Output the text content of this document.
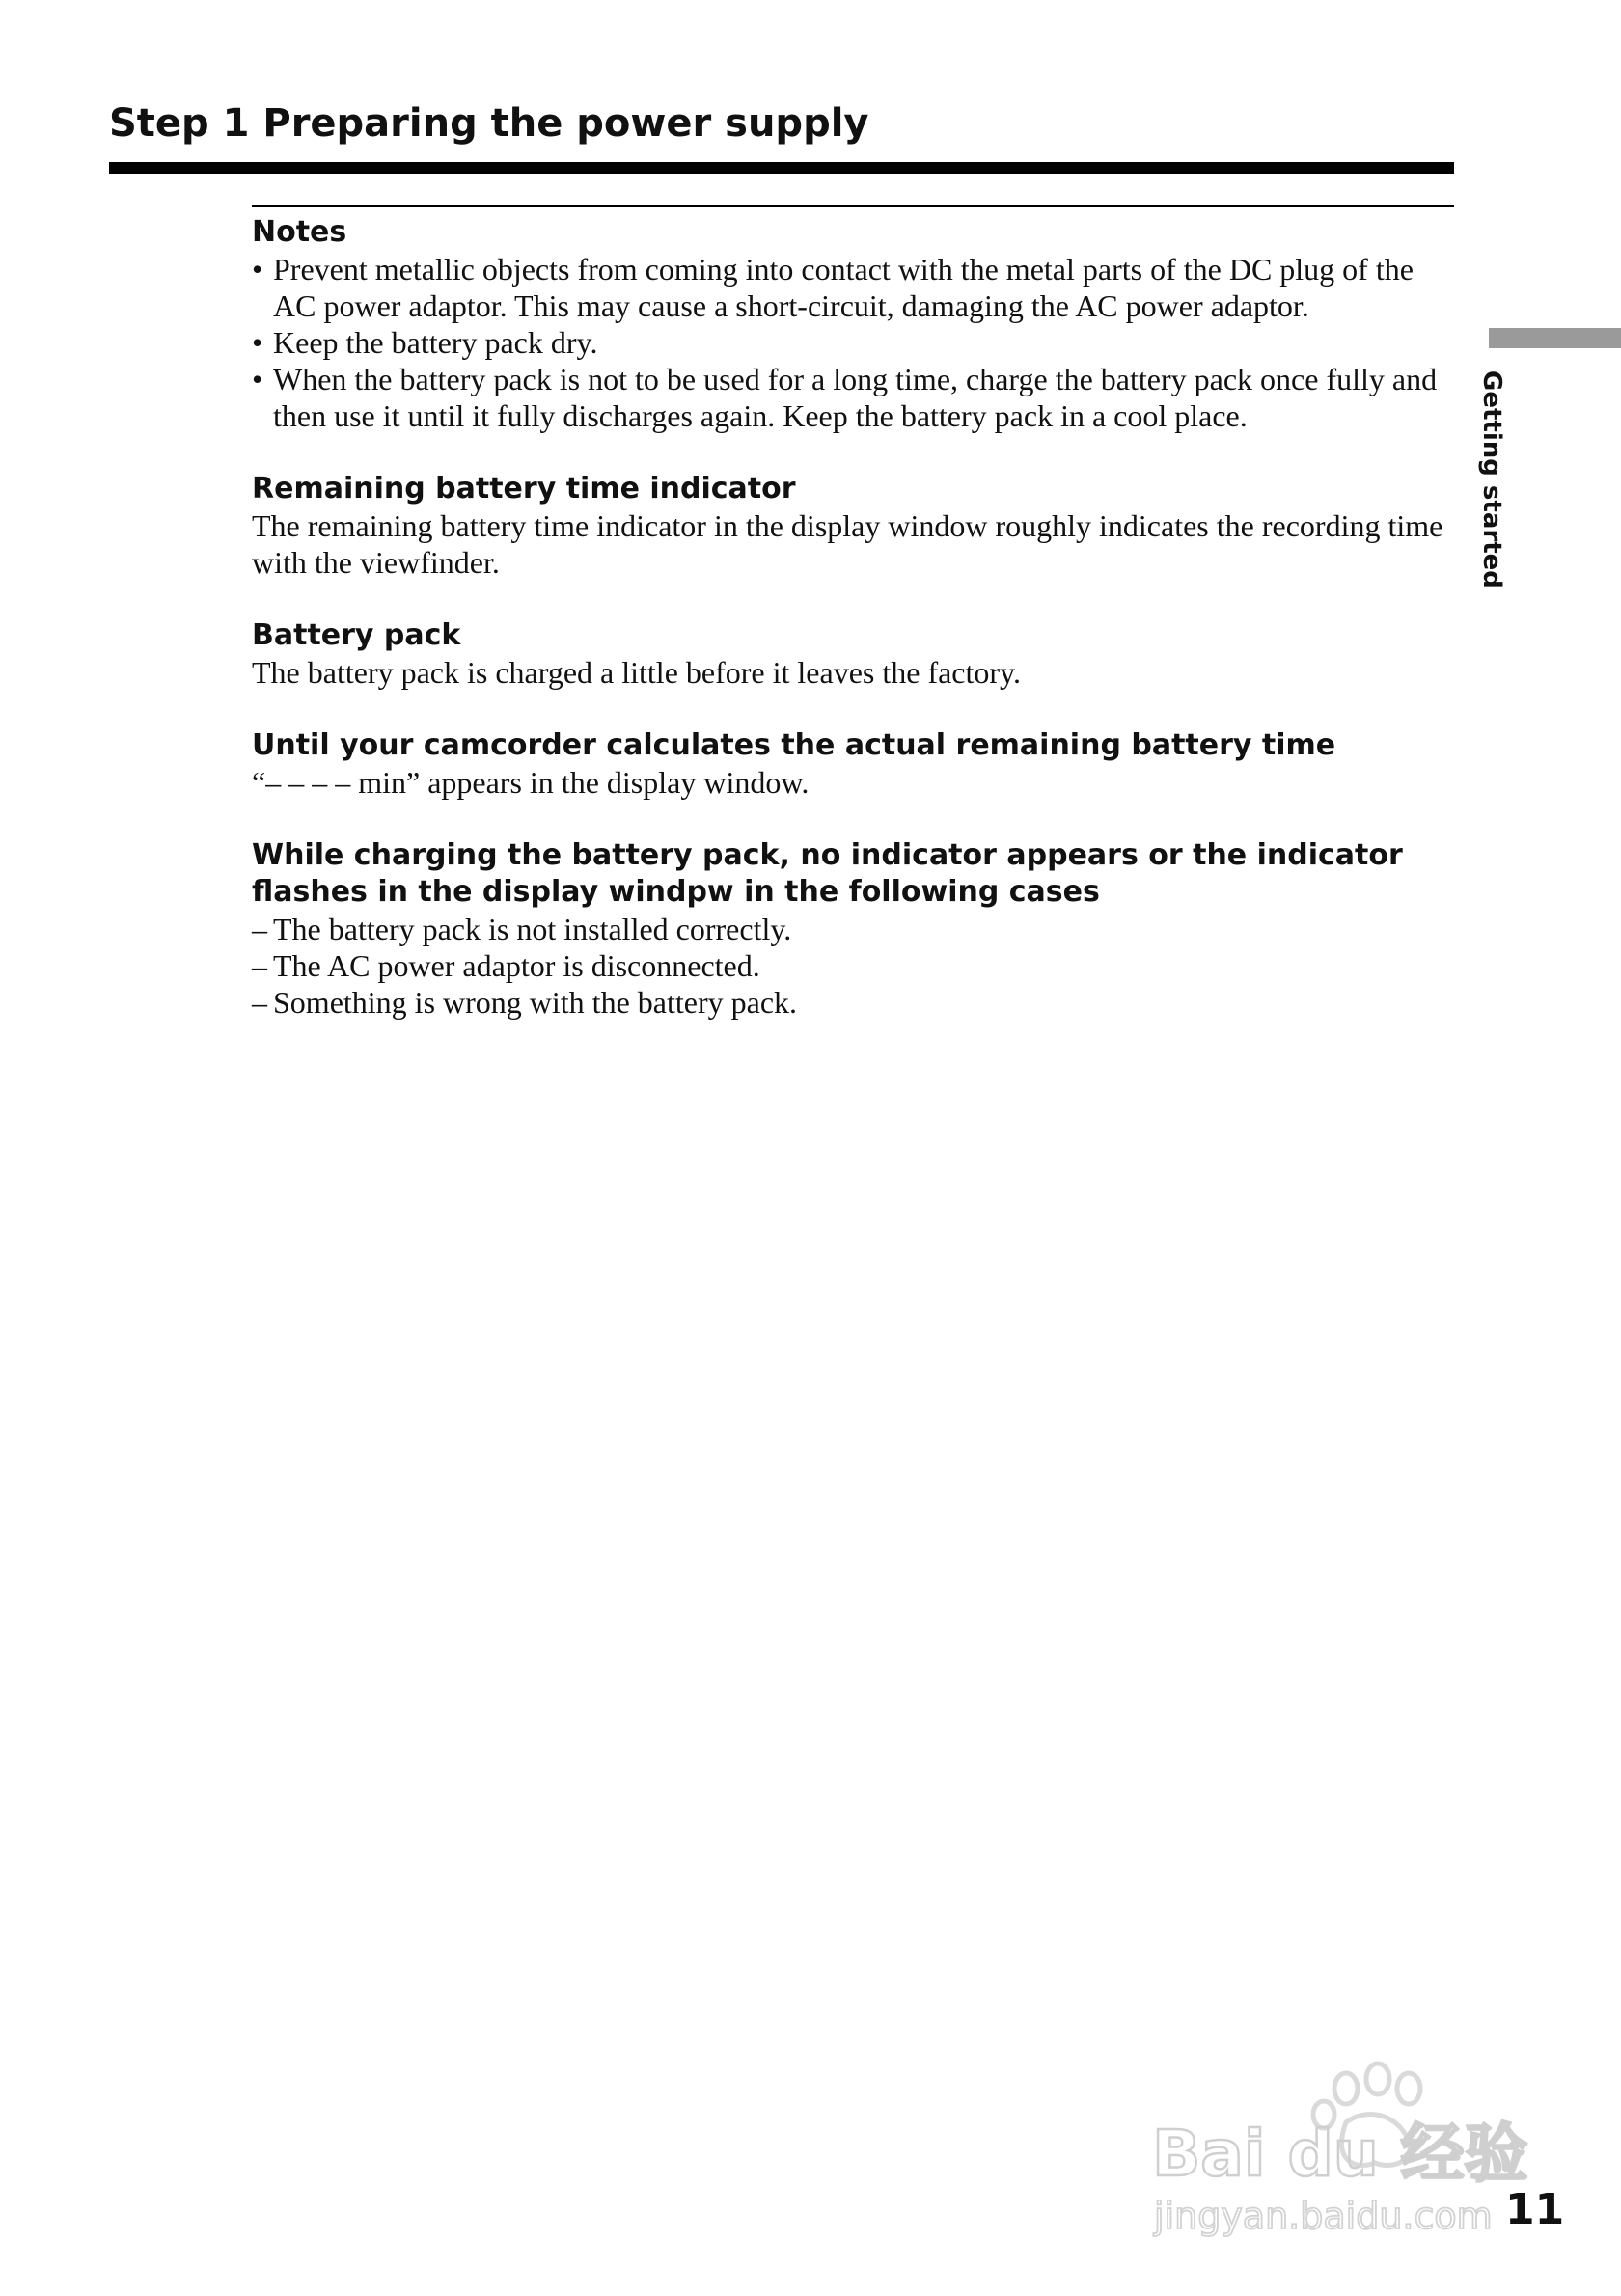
Step 1 Preparing the power supply
Getting started

Notes

• Prevent metallic objects from coming into contact with the metal parts of the DC plug of the AC power adaptor. This may cause a short-circuit, damaging the AC power adaptor.
• Keep the battery pack dry.
• When the battery pack is not to be used for a long time, charge the battery pack once fully and then use it until it fully discharges again. Keep the battery pack in a cool place.

Remaining battery time indicator

The remaining battery time indicator in the display window roughly indicates the recording time with the viewfinder.

Battery pack

The battery pack is charged a little before it leaves the factory.

Until your camcorder calculates the actual remaining battery time

“– – – – min” appears in the display window.

While charging the battery pack, no indicator appears or the indicator flashes in the display windpw in the following cases

– The battery pack is not installed correctly.
– The AC power adaptor is disconnected.
– Something is wrong with the battery pack.
Bai du 经验
jingyan.baidu.com 11
